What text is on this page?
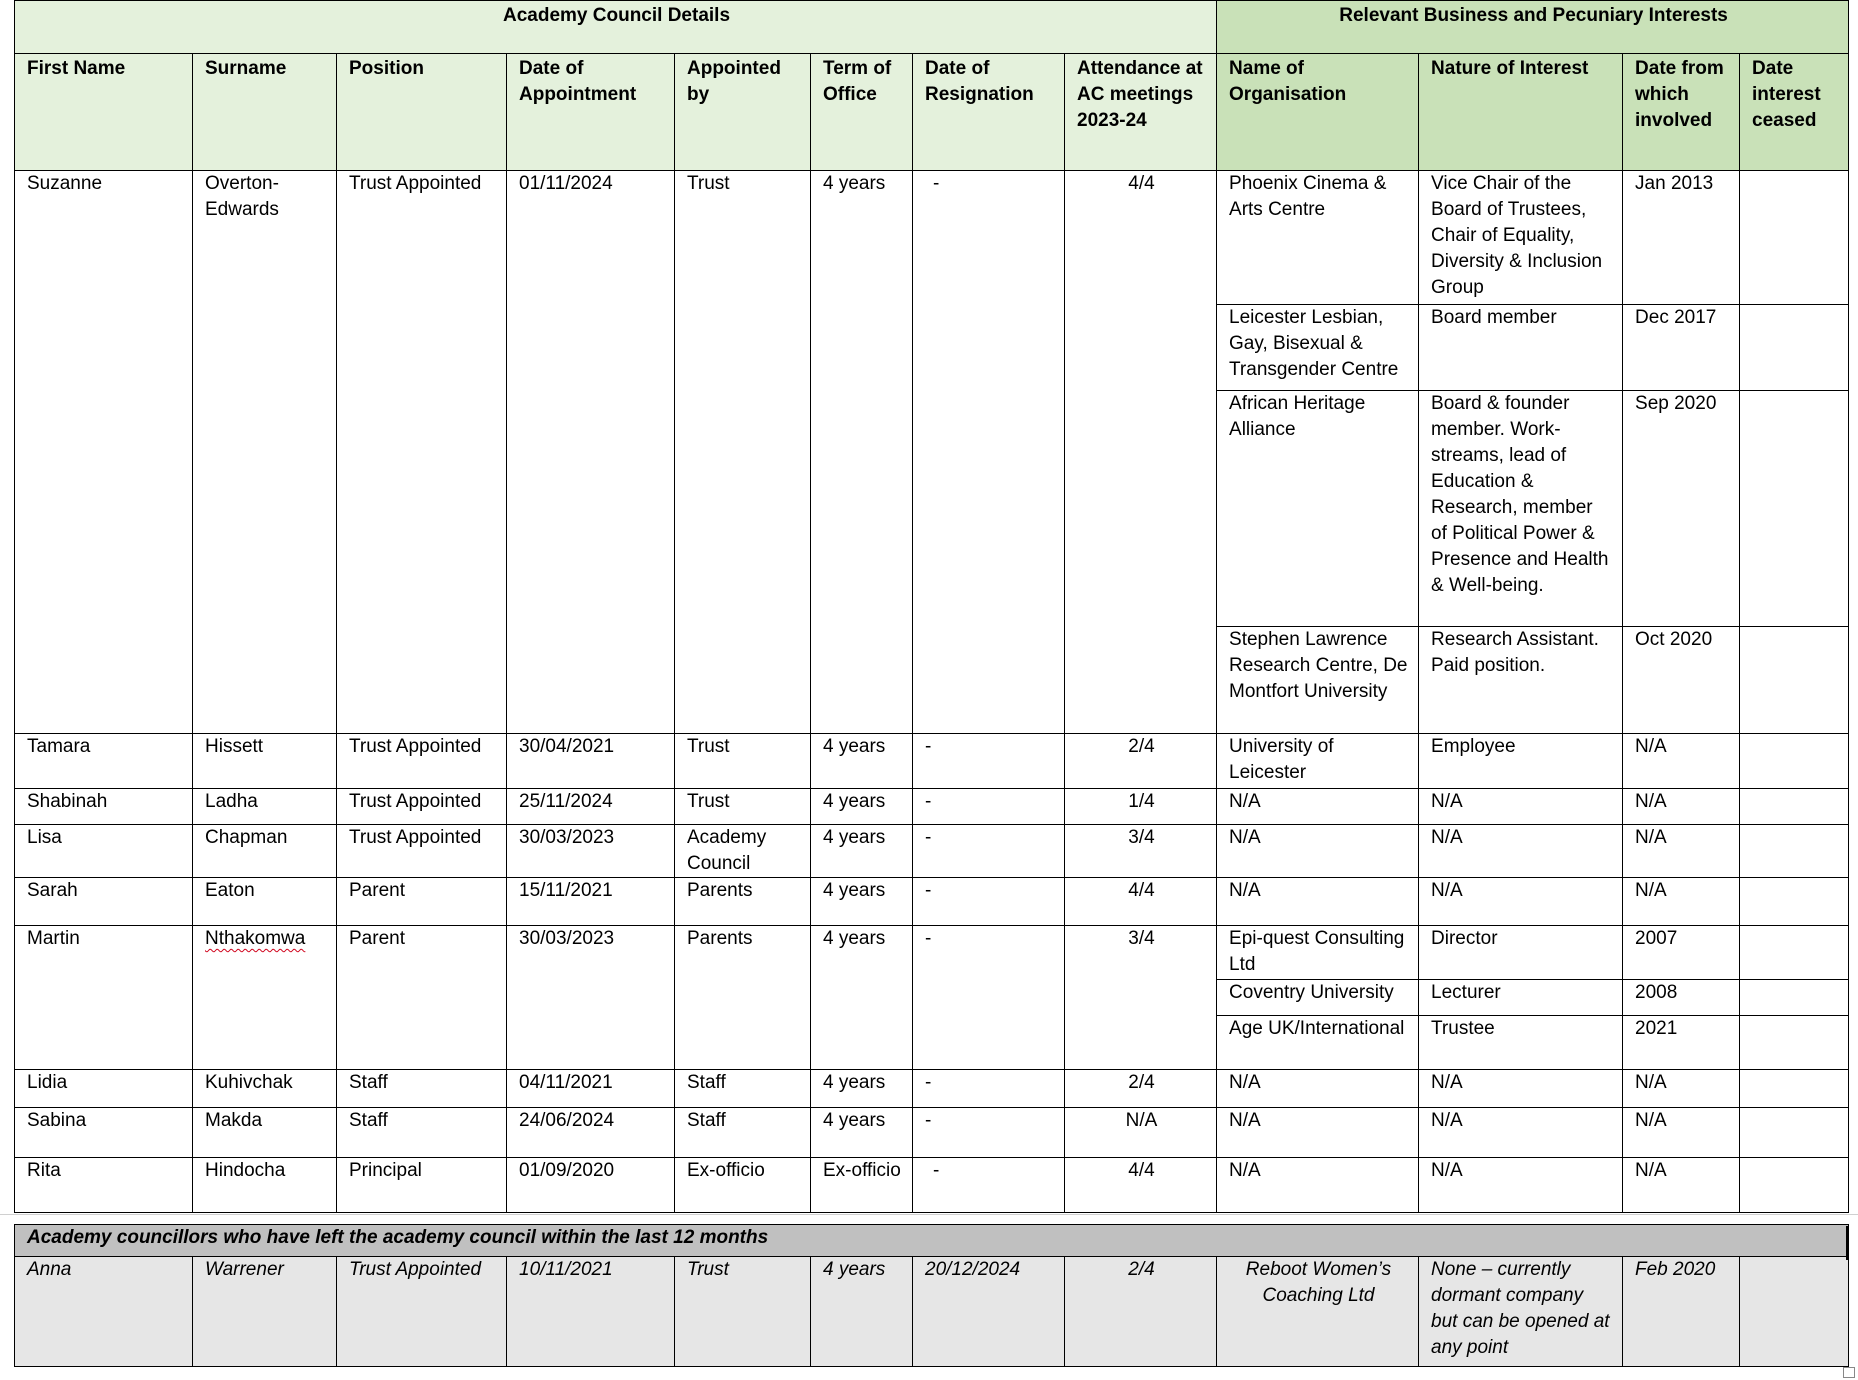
Academy Council Details								Relevant Business and Pecuniary Interests			
First Name	Surname	Position	Date of Appointment	Appointed by	Term of Office	Date of Resignation	Attendance at AC meetings 2023-24	Name of Organisation	Nature of Interest	Date from which involved	Date interest ceased
Suzanne	Overton-Edwards	Trust Appointed	01/11/2024	Trust	4 years	-	4/4	Phoenix Cinema & Arts Centre	Vice Chair of the Board of Trustees, Chair of Equality, Diversity & Inclusion Group	Jan 2013	
								Leicester Lesbian, Gay, Bisexual & Transgender Centre	Board member	Dec 2017	
								African Heritage Alliance	Board & founder member. Work-streams, lead of Education & Research, member of Political Power & Presence and Health & Well-being.	Sep 2020	
								Stephen Lawrence Research Centre, De Montfort University	Research Assistant. Paid position.	Oct 2020	
Tamara	Hissett	Trust Appointed	30/04/2021	Trust	4 years	-	2/4	University of Leicester	Employee	N/A	
Shabinah	Ladha	Trust Appointed	25/11/2024	Trust	4 years	-	1/4	N/A	N/A	N/A	
Lisa	Chapman	Trust Appointed	30/03/2023	Academy Council	4 years	-	3/4	N/A	N/A	N/A	
Sarah	Eaton	Parent	15/11/2021	Parents	4 years	-	4/4	N/A	N/A	N/A	
Martin	Nthakomwa	Parent	30/03/2023	Parents	4 years	-	3/4	Epi-quest Consulting Ltd	Director	2007	
								Coventry University	Lecturer	2008	
								Age UK/International	Trustee	2021	
Lidia	Kuhivchak	Staff	04/11/2021	Staff	4 years	-	2/4	N/A	N/A	N/A	
Sabina	Makda	Staff	24/06/2024	Staff	4 years	-	N/A	N/A	N/A	N/A	
Rita	Hindocha	Principal	01/09/2020	Ex-officio	Ex-officio	-	4/4	N/A	N/A	N/A	
Academy councillors who have left the academy council within the last 12 months
Anna	Warrener	Trust Appointed	10/11/2021	Trust	4 years	20/12/2024	2/4	Reboot Women’s Coaching Ltd	None – currently dormant company but can be opened at any point	Feb 2020	
